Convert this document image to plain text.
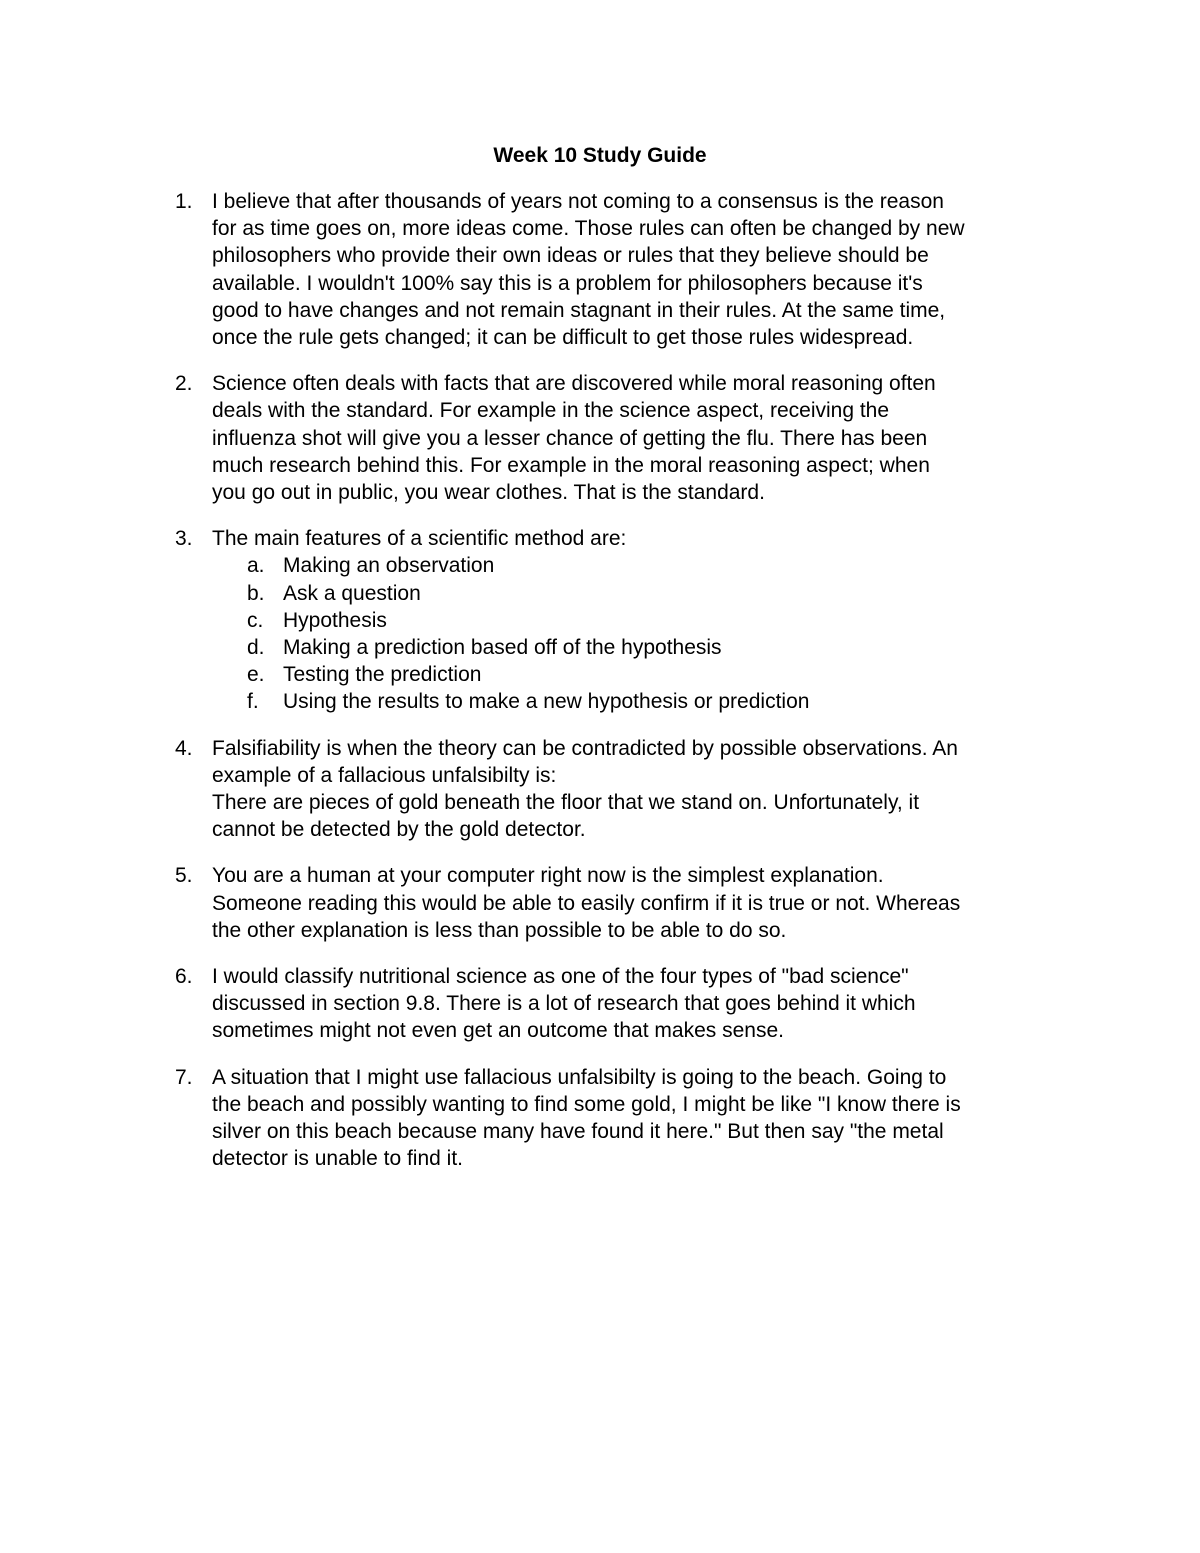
Week 10 Study Guide
1. I believe that after thousands of years not coming to a consensus is the reason
for as time goes on, more ideas come. Those rules can often be changed by new
philosophers who provide their own ideas or rules that they believe should be
available. I wouldn't 100% say this is a problem for philosophers because it's
good to have changes and not remain stagnant in their rules. At the same time,
once the rule gets changed; it can be difficult to get those rules widespread.
2. Science often deals with facts that are discovered while moral reasoning often
deals with the standard. For example in the science aspect, receiving the
influenza shot will give you a lesser chance of getting the flu. There has been
much research behind this. For example in the moral reasoning aspect; when
you go out in public, you wear clothes. That is the standard.
3. The main features of a scientific method are:
a. Making an observation
b. Ask a question
c. Hypothesis
d. Making a prediction based off of the hypothesis
e. Testing the prediction
f. Using the results to make a new hypothesis or prediction
4. Falsifiability is when the theory can be contradicted by possible observations. An
example of a fallacious unfalsibilty is:
There are pieces of gold beneath the floor that we stand on. Unfortunately, it
cannot be detected by the gold detector.
5. You are a human at your computer right now is the simplest explanation.
Someone reading this would be able to easily confirm if it is true or not. Whereas
the other explanation is less than possible to be able to do so.
6. I would classify nutritional science as one of the four types of "bad science"
discussed in section 9.8. There is a lot of research that goes behind it which
sometimes might not even get an outcome that makes sense.
7. A situation that I might use fallacious unfalsibilty is going to the beach. Going to
the beach and possibly wanting to find some gold, I might be like "I know there is
silver on this beach because many have found it here." But then say "the metal
detector is unable to find it.
